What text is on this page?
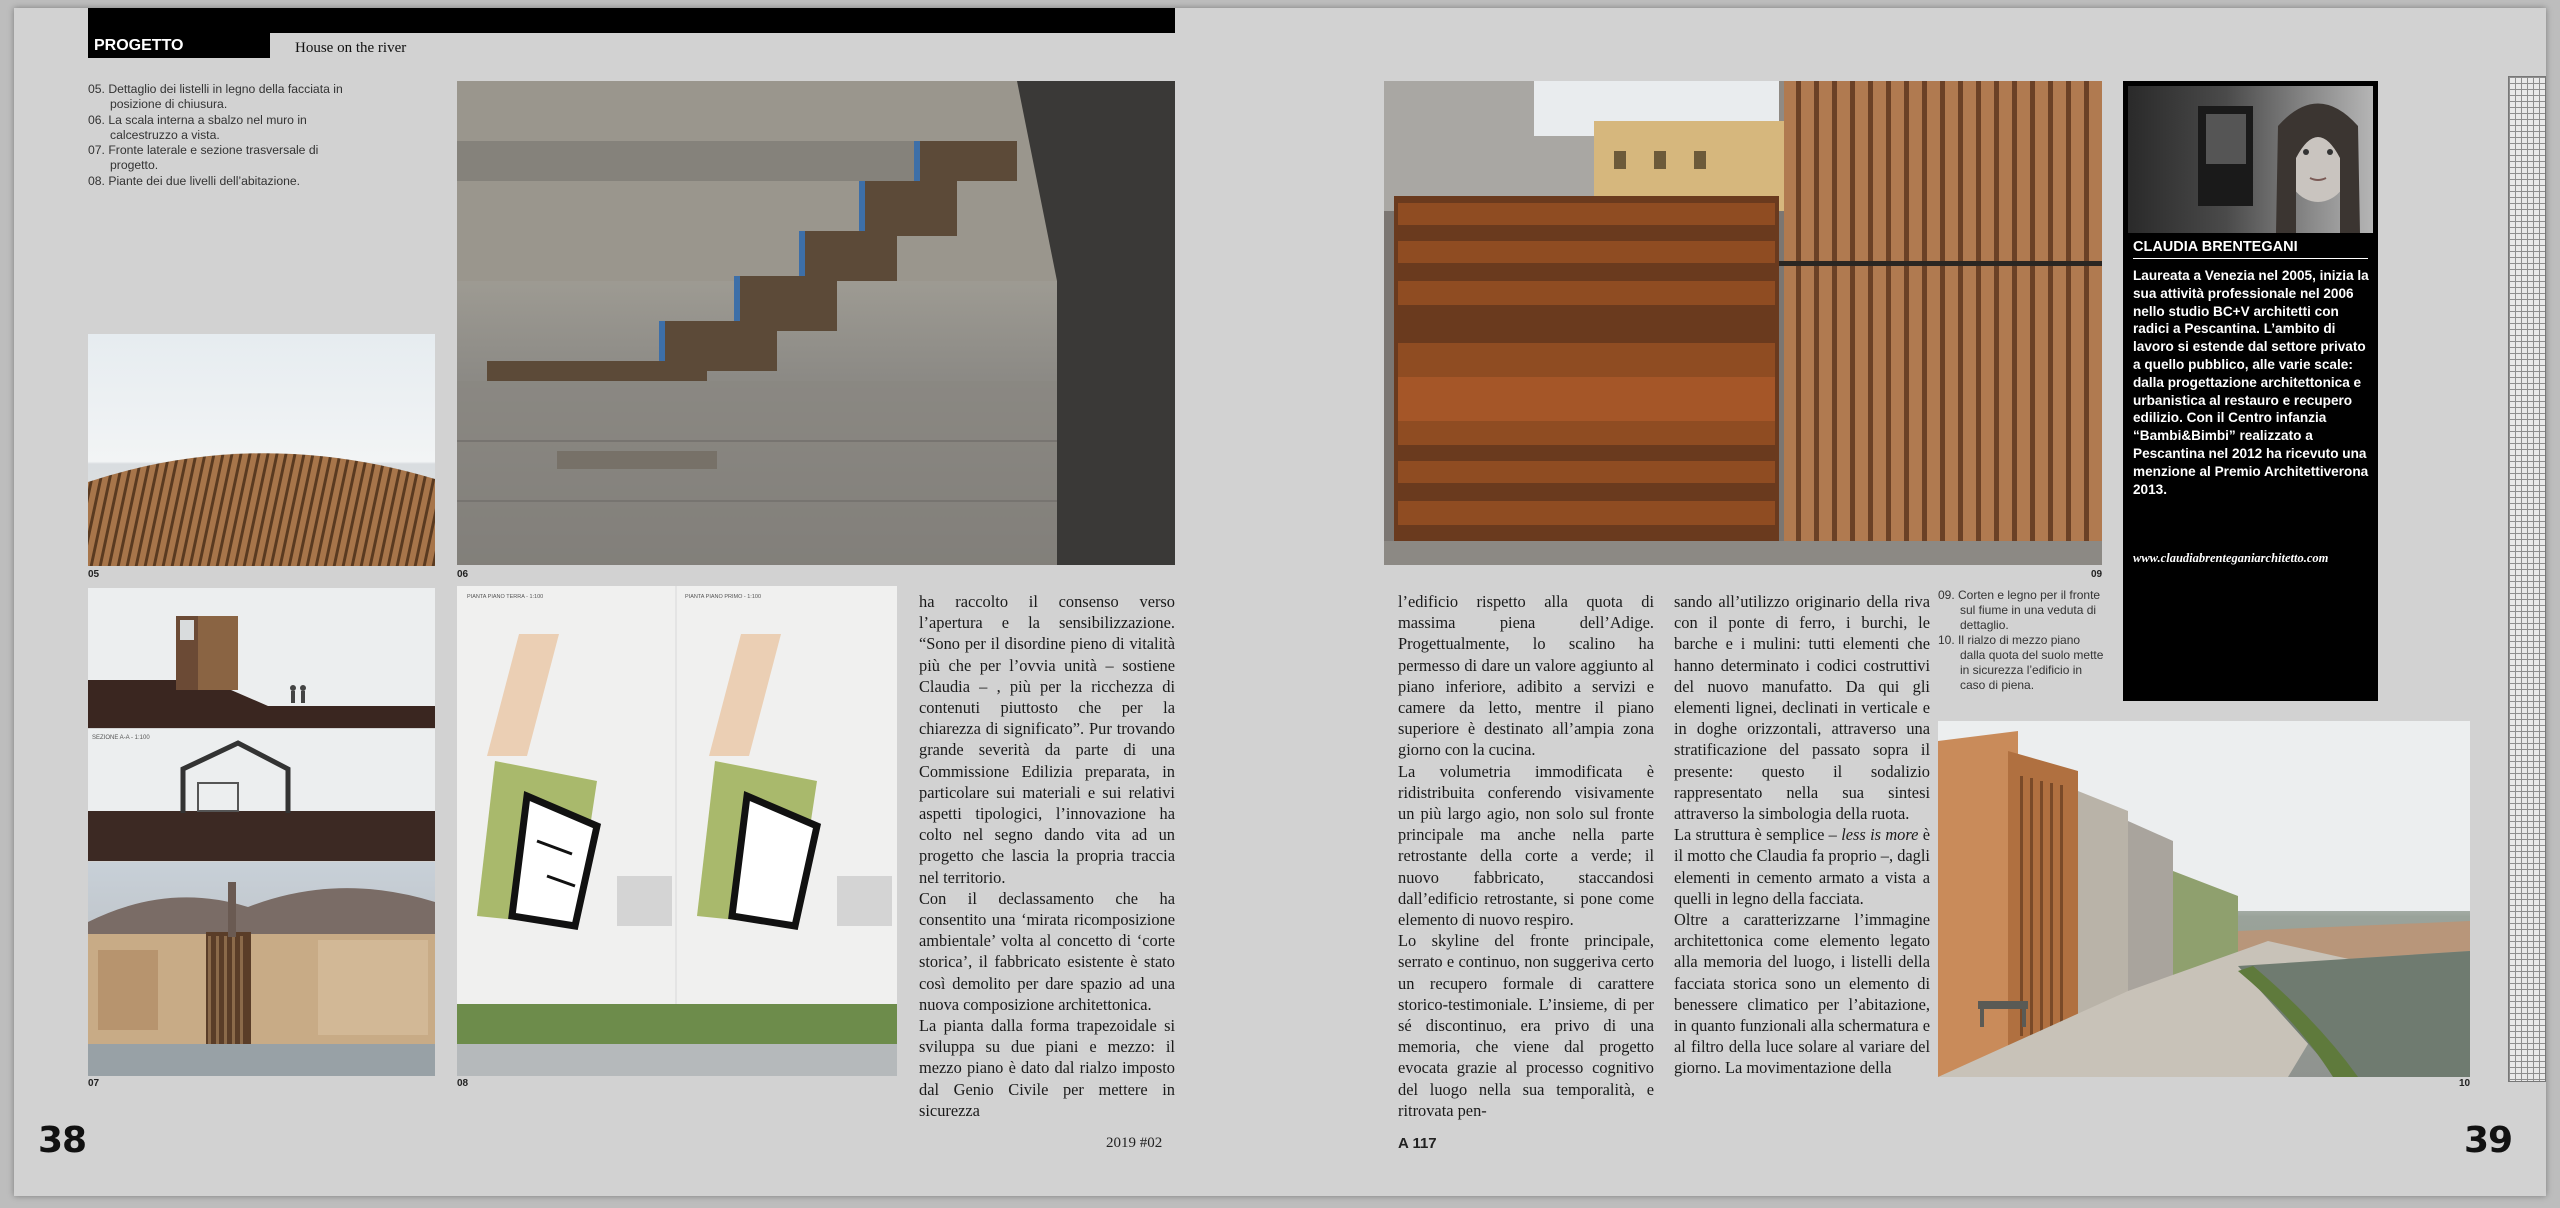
PROGETTO	House on the river
05. Dettaglio dei listelli in legno della facciata in posizione di chiusura.
06. La scala interna a sbalzo nel muro in calcestruzzo a vista.
07. Fronte laterale e sezione trasversale di progetto.
08. Piante dei due livelli dell’abitazione.
05	06
SEZIONE A-A - 1:100
07
PIANTA PIANO TERRA - 1:100	PIANTA PIANO PRIMO - 1:100
08

ha raccolto il consenso verso l’apertura e la sensibilizzazione. “Sono per il disordine pieno di vitalità più che per l’ovvia unità – sostiene Claudia – , più per la ricchezza di contenuti piuttosto che per la chiarezza di significato”. Pur trovando grande severità da parte di una Commissione Edilizia preparata, in particolare sui materiali e sui relativi aspetti tipologici, l’innovazione ha colto nel segno dando vita ad un progetto che lascia la propria traccia nel territorio.

Con il declassamento che ha consentito una ‘mirata ricomposizione ambientale’ volta al concetto di ‘corte storica’, il fabbricato esistente è stato così demolito per dare spazio ad una nuova composizione architettonica.

La pianta dalla forma trapezoidale si sviluppa su due piani e mezzo: il mezzo piano è dato dal rialzo imposto dal Genio Civile per mettere in sicurezza

38	2019 #02
09
CLAUDIA BRENTEGANI
Laureata a Venezia nel 2005, inizia la sua attività professionale nel 2006 nello studio BC+V architetti con radici a Pescantina. L’ambito di lavoro si estende dal settore privato a quello pubblico, alle varie scale: dalla progettazione architettonica e urbanistica al restauro e recupero edilizio. Con il Centro infanzia “Bambi&Bimbi” realizzato a Pescantina nel 2012 ha ricevuto una menzione al Premio Architettiverona 2013.
www.claudiabrenteganiarchitetto.com
09. Corten e legno per il fronte sul fiume in una veduta di dettaglio.
10. Il rialzo di mezzo piano dalla quota del suolo mette in sicurezza l’edificio in caso di piena.

l’edificio rispetto alla quota di massima piena dell’Adige. Progettualmente, lo scalino ha permesso di dare un valore aggiunto al piano inferiore, adibito a servizi e camere da letto, mentre il piano superiore è destinato all’ampia zona giorno con la cucina.

La volumetria immodificata è ridistribuita conferendo visivamente un più largo agio, non solo sul fronte principale ma anche nella parte retrostante della corte a verde; il nuovo fabbricato, staccandosi dall’edificio retrostante, si pone come elemento di nuovo respiro.

Lo skyline del fronte principale, serrato e continuo, non suggeriva certo un recupero formale di carattere storico-testimoniale. L’insieme, di per sé discontinuo, era privo di una memoria, che viene dal progetto evocata grazie al processo cognitivo del luogo nella sua temporalità, e ritrovata pen-

sando all’utilizzo originario della riva con il ponte di ferro, i burchi, le barche e i mulini: tutti elementi che hanno determinato i codici costruttivi del nuovo manufatto. Da qui gli elementi lignei, declinati in verticale e in doghe orizzontali, attraverso una stratificazione del passato sopra il presente: questo il sodalizio rappresentato nella sua sintesi attraverso la simbologia della ruota.

La struttura è semplice – less is more è il motto che Claudia fa proprio –, dagli elementi in cemento armato a vista a quelli in legno della facciata.

Oltre a caratterizzarne l’immagine architettonica come elemento legato alla memoria del luogo, i listelli della facciata storica sono un elemento di benessere climatico per l’abitazione, in quanto funzionali alla schermatura e al filtro della luce solare al variare del giorno. La movimentazione della

10
A 117	39
